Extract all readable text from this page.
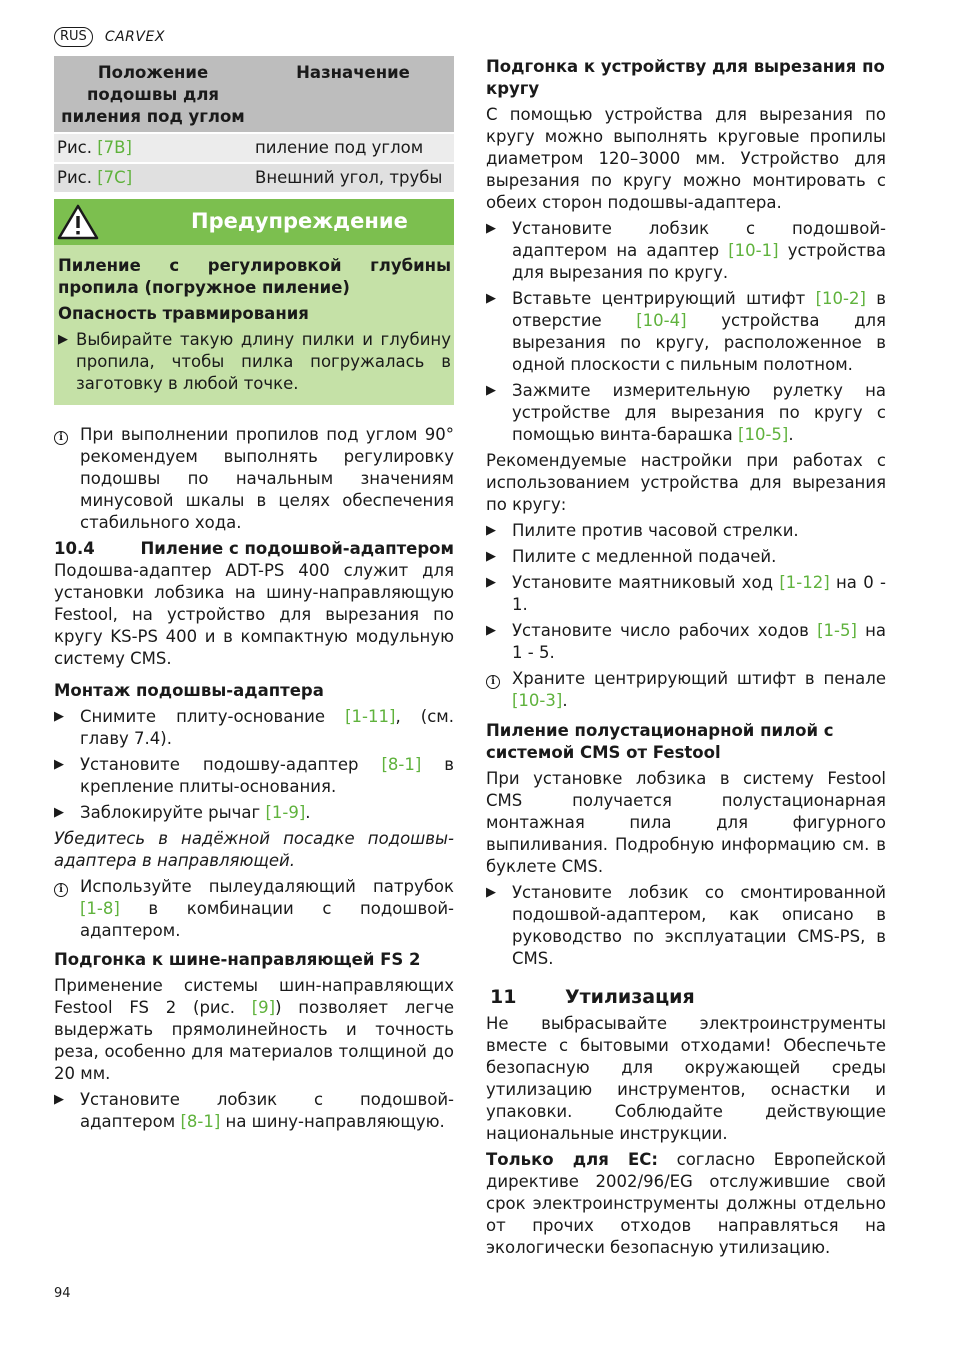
RUS	CARVEX
Положение подошвы для пиления под углом	Назначение
Рис. [7B]	пиление под углом
Рис. [7C]	Внешний угол, трубы
Предупреждение

Пиление с регулировкой глубины пропила (погружное пиление)

Опасность травмирования

▶ Выбирайте такую длину пилки и глубину пропила, чтобы пилка погружалась в заготовку в любой точке.
i	При выполнении пропилов под углом 90° рекомендуем выполнять регулировку подошвы по начальным значениям минусовой шкалы в целях обеспечения стабильного хода.
10.4	Пиление с подошвой-адаптером

Подошва-адаптер ADT-PS 400 служит для установки лобзика на шину-направляющую Festool, на устройство для вырезания по кругу KS-PS 400 и в компактную модульную систему CMS.

Монтаж подошвы-адаптера

▶ Снимите плиту-основание [1-11], (см. главу 7.4).
▶ Установите подошву-адаптер [8-1] в крепление плиты-основания.
▶ Заблокируйте рычаг [1-9].

Убедитесь в надёжной посадке подошвы-адаптера в направляющей.

i	Используйте пылеудаляющий патрубок [1-8] в комбинации с подошвой-адаптером.

Подгонка к шине-направляющей FS 2

Применение системы шин-направляющих Festool FS 2 (рис. [9]) позволяет легче выдержать прямолинейность и точность реза, особенно для материалов толщиной до 20 мм.

▶ Установите лобзик с подошвой-адаптером [8-1] на шину-направляющую.

Подгонка к устройству для вырезания по кругу

С помощью устройства для вырезания по кругу можно выполнять круговые пропилы диаметром 120–3000 мм. Устройство для вырезания по кругу можно монтировать с обеих сторон подошвы-адаптера.

▶ Установите лобзик с подошвой-адаптером на адаптер [10-1] устройства для вырезания по кругу.
▶ Вставьте центрирующий штифт [10-2] в отверстие [10-4] устройства для вырезания по кругу, расположенное в одной плоскости с пильным полотном.
▶ Зажмите измерительную рулетку на устройстве для вырезания по кругу с помощью винта-барашка [10-5].

Рекомендуемые настройки при работах с использованием устройства для вырезания по кругу:

▶ Пилите против часовой стрелки.
▶ Пилите с медленной подачей.
▶ Установите маятниковый ход [1-12] на 0 - 1.
▶ Установите число рабочих ходов [1-5] на 1 - 5.
i	Храните центрирующий штифт в пенале [10-3].

Пиление полустационарной пилой с системой CMS от Festool

При установке лобзика в систему Festool CMS получается полустационарная монтажная пила для фигурного выпиливания. Подробную информацию см. в буклете CMS.

▶ Установите лобзик со смонтированной подошвой-адаптером, как описано в руководство по эксплуатации CMS-PS, в CMS.
11	Утилизация

Не выбрасывайте электроинструменты вместе с бытовыми отходами! Обеспечьте безопасную для окружающей среды утилизацию инструментов, оснастки и упаковки. Соблюдайте действующие национальные инструкции.

Только для ЕС: согласно Европейской директиве 2002/96/EG отслужившие свой срок электроинструменты должны отдельно от прочих отходов направляться на экологически безопасную утилизацию.

94
